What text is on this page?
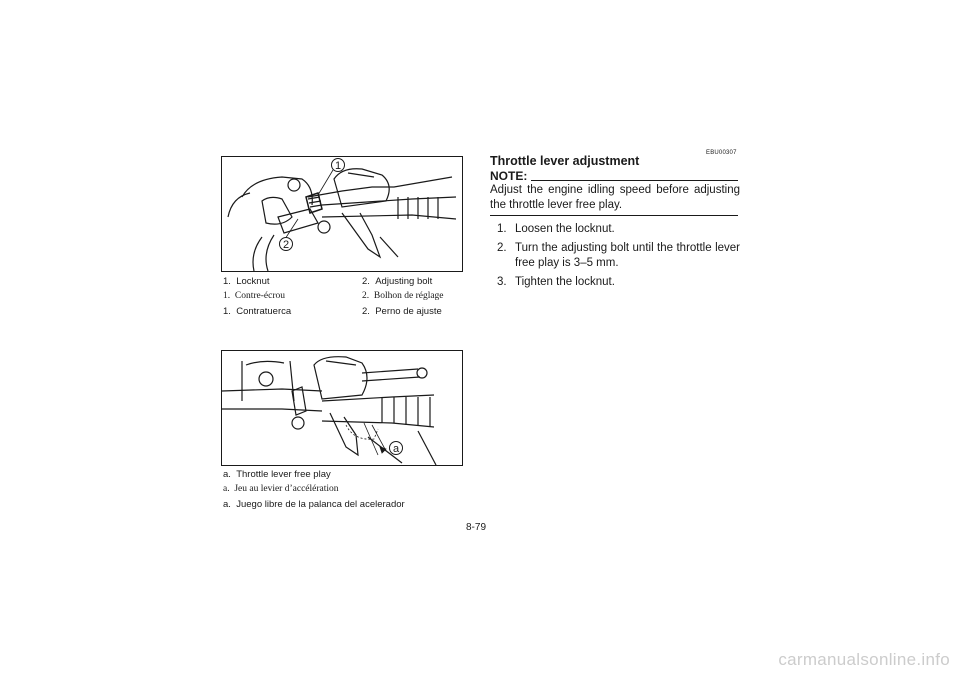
1
2
1. Locknut	2. Adjusting bolt
1. Contre-écrou	2. Bolhon de réglage
1. Contratuerca	2. Perno de ajuste
a
a. Throttle lever free play
a. Jeu au levier d’accélération
a. Juego libre de la palanca del acelerador
EBU00307
Throttle lever adjustment
NOTE:
Adjust the engine idling speed before adjusting the throttle lever free play.
1. Loosen the locknut.
2. Turn the adjusting bolt until the throttle lever free play is 3–5 mm.
3. Tighten the locknut.
8-79
carmanualsonline.info
